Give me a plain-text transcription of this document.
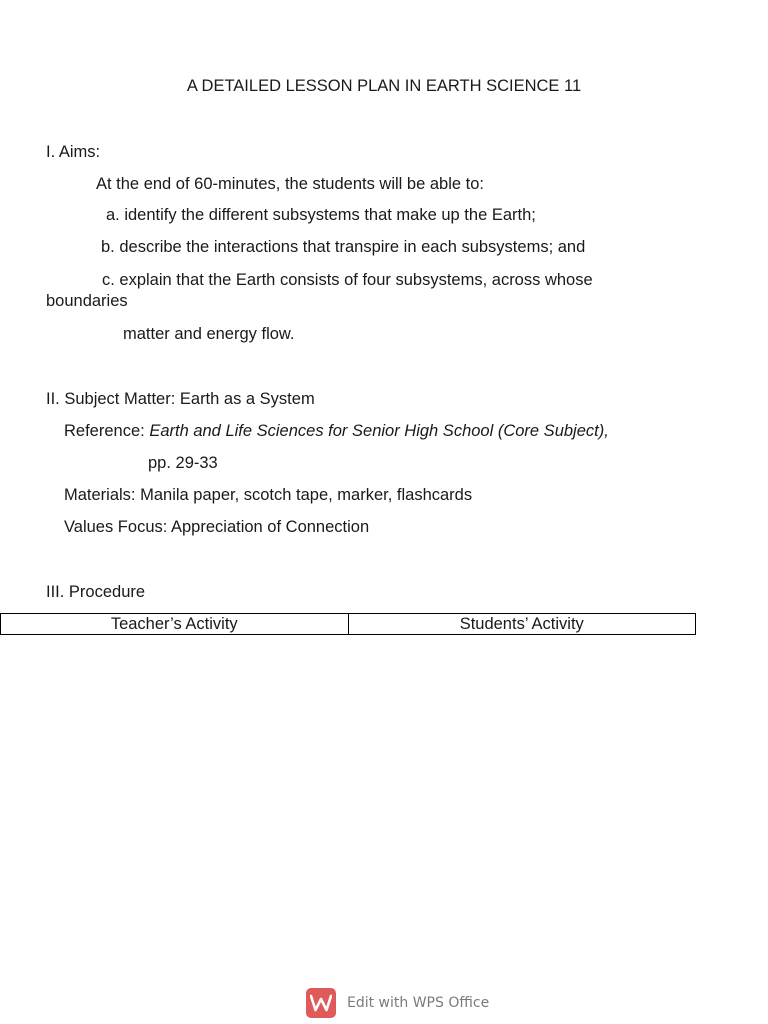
A DETAILED LESSON PLAN IN EARTH SCIENCE 11
I. Aims:
At the end of 60-minutes, the students will be able to:
a. identify the different subsystems that make up the Earth;
b. describe the interactions that transpire in each subsystems; and
c. explain that the Earth consists of four subsystems, across whose
boundaries
matter and energy flow.
II. Subject Matter: Earth as a System
Reference: Earth and Life Sciences for Senior High School (Core Subject),
pp. 29-33
Materials: Manila paper, scotch tape, marker, flashcards
Values Focus: Appreciation of Connection
III. Procedure
Teacher’s Activity	Students’ Activity
Edit with WPS Office
